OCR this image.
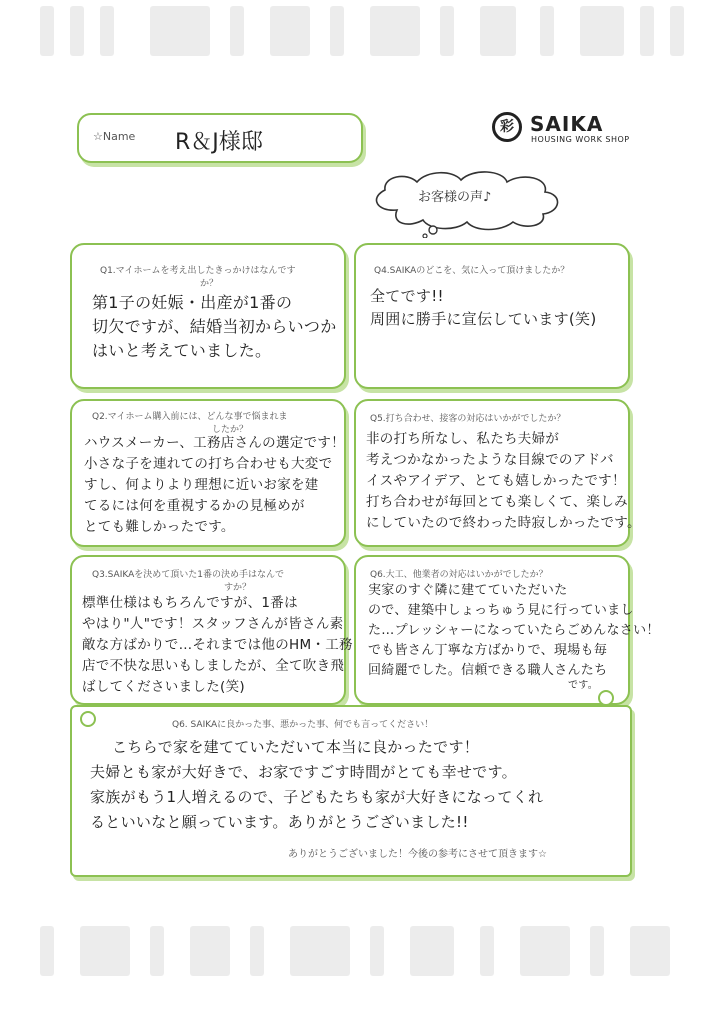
☆Name R＆J様邸
彩 SAIKA
HOUSING WORK SHOP
お客様の声♪
Q1.マイホームを考え出したきっかけはなんです
か？
第1子の妊娠・出産が1番の
切欠ですが、結婚当初からいつか
はいと考えていました。
Q2.マイホーム購入前には、どんな事で悩まれま
したか？
ハウスメーカー、工務店さんの選定です！
小さな子を連れての打ち合わせも大変で
すし、何よりより理想に近いお家を建
てるには何を重視するかの見極めが
とても難しかったです。
Q3.SAIKAを決めて頂いた1番の決め手はなんで
すか？
標準仕様はもちろんですが、1番は
やはり"人"です！スタッフさんが皆さん素
敵な方ばかりで…それまでは他のHM・工務
店で不快な思いもしましたが、全て吹き飛
ばしてくださいました(笑)
Q4.SAIKAのどこを、気に入って頂けましたか？
全てです!!
周囲に勝手に宣伝しています(笑)
Q5.打ち合わせ、接客の対応はいかがでしたか？
非の打ち所なし、私たち夫婦が
考えつかなかったような目線でのアドバ
イスやアイデア、とても嬉しかったです！
打ち合わせが毎回とても楽しくて、楽しみ
にしていたので終わった時寂しかったです。
Q6.大工、他業者の対応はいかがでしたか？
実家のすぐ隣に建てていただいた
ので、建築中しょっちゅう見に行っていまし
た…プレッシャーになっていたらごめんなさい！
でも皆さん丁寧な方ばかりで、現場も毎
回綺麗でした。信頼できる職人さんたち
です。
Q6. SAIKAに良かった事、悪かった事、何でも言ってください！
こちらで家を建てていただいて本当に良かったです！
夫婦とも家が大好きで、お家ですごす時間がとても幸せです。
家族がもう1人増えるので、子どもたちも家が大好きになってくれ
るといいなと願っています。ありがとうございました!!
ありがとうございました！今後の参考にさせて頂きます☆
